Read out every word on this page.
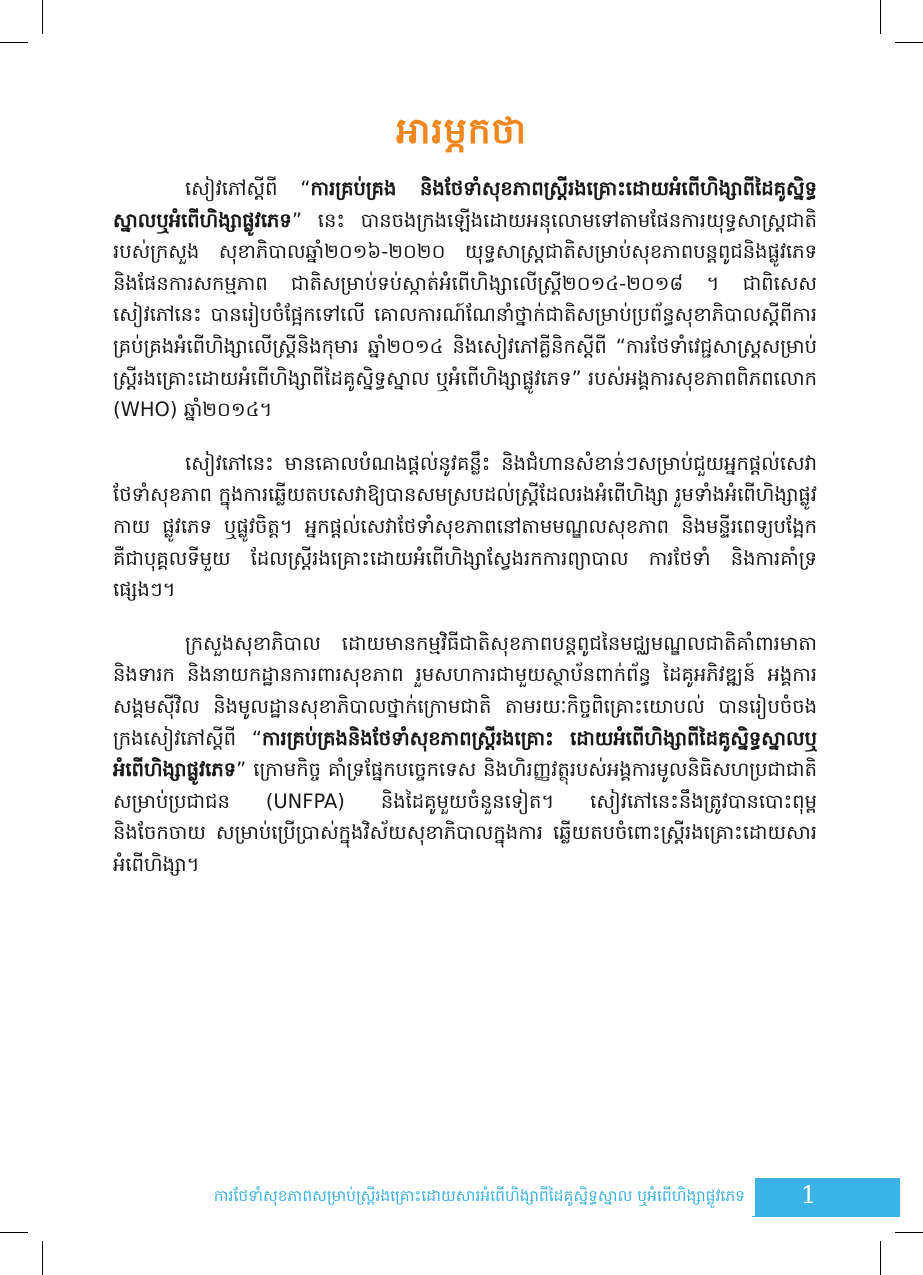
អារម្ភកថា

សៀវភៅស្តីពី “ការគ្រប់គ្រង និងថែទាំសុខភាពស្ត្រីរងគ្រោះដោយអំពើហិង្សាពីដៃគូស្និទ្ធស្នាលឬអំពើហិង្សាផ្លូវភេទ” នេះ បានចងក្រងឡើងដោយអនុលោមទៅតាមផែនការយុទ្ធសាស្ត្រជាតិ របស់ក្រសួង សុខាភិបាលឆ្នាំ២០១៦-២០២០ យុទ្ធសាស្ត្រជាតិសម្រាប់សុខភាពបន្តពូជនិងផ្លូវភេទ និងផែនការសកម្មភាព ជាតិសម្រាប់ទប់ស្កាត់អំពើហិង្សាលើស្ត្រី២០១៤-២០១៨ ។ ជាពិសេស សៀវភៅនេះ បានរៀបចំផ្អែកទៅលើ គោលការណ៍ណែនាំថ្នាក់ជាតិសម្រាប់ប្រព័ន្ធសុខាភិបាលស្តីពីការគ្រប់គ្រងអំពើហិង្សាលើស្ត្រីនិងកុមារ ឆ្នាំ២០១៤ និងសៀវភៅគ្លីនិកស្តីពី “ការថែទាំវេជ្ជសាស្ត្រសម្រាប់ស្ត្រីរងគ្រោះដោយអំពើហិង្សាពីដៃគូស្និទ្ធស្នាល ឬអំពើហិង្សាផ្លូវភេទ” របស់អង្គការសុខភាពពិភពលោក (WHO) ឆ្នាំ២០១៤។

សៀវភៅនេះ មានគោលបំណងផ្តល់នូវគន្លឹះ និងជំហានសំខាន់ៗសម្រាប់ជួយអ្នកផ្តល់សេវាថែទាំសុខភាព ក្នុងការឆ្លើយតបសេវាឱ្យបានសមស្របដល់ស្ត្រីដែលរងអំពើហិង្សា រួមទាំងអំពើហិង្សាផ្លូវកាយ ផ្លូវភេទ ឬផ្លូវចិត្ត។ អ្នកផ្តល់សេវាថែទាំសុខភាពនៅតាមមណ្ឌលសុខភាព និងមន្ទីរពេទ្យបង្អែកគឺជាបុគ្គលទីមួយ ដែលស្ត្រីរងគ្រោះដោយអំពើហិង្សាស្វែងរកការព្យាបាល ការថែទាំ និងការគាំទ្រផ្សេងៗ។

ក្រសួងសុខាភិបាល ដោយមានកម្មវិធីជាតិសុខភាពបន្តពូជនៃមជ្ឈមណ្ឌលជាតិគាំពារមាតា និងទារក និងនាយកដ្ឋានការពារសុខភាព រួមសហការជាមួយស្ថាប័នពាក់ព័ន្ធ ដៃគូអភិវឌ្ឍន៍ អង្គការសង្គមស៊ីវិល និងមូលដ្ឋានសុខាភិបាលថ្នាក់ក្រោមជាតិ តាមរយៈកិច្ចពិគ្រោះយោបល់ បានរៀបចំចងក្រងសៀវភៅស្តីពី “ការគ្រប់គ្រងនិងថែទាំសុខភាពស្ត្រីរងគ្រោះ ដោយអំពើហិង្សាពីដៃគូស្និទ្ធស្នាលឬអំពើហិង្សាផ្លូវភេទ” ក្រោមកិច្ច គាំទ្រផ្នែកបច្ចេកទេស និងហិរញ្ញវត្ថុរបស់អង្គការមូលនិធិសហប្រជាជាតិសម្រាប់ប្រជាជន (UNFPA) និងដៃគូមួយចំនួនទៀត។ សៀវភៅនេះនឹងត្រូវបានបោះពុម្ពនិងចែកចាយ សម្រាប់ប្រើប្រាស់ក្នុងវិស័យសុខាភិបាលក្នុងការ ឆ្លើយតបចំពោះស្ត្រីរងគ្រោះដោយសារអំពើហិង្សា។

ការថែទាំសុខភាពសម្រាប់ស្ត្រីរងគ្រោះដោយសារអំពើហិង្សាពីដៃគូស្និទ្ធស្នាល ឬអំពើហិង្សាផ្លូវភេទ 1
